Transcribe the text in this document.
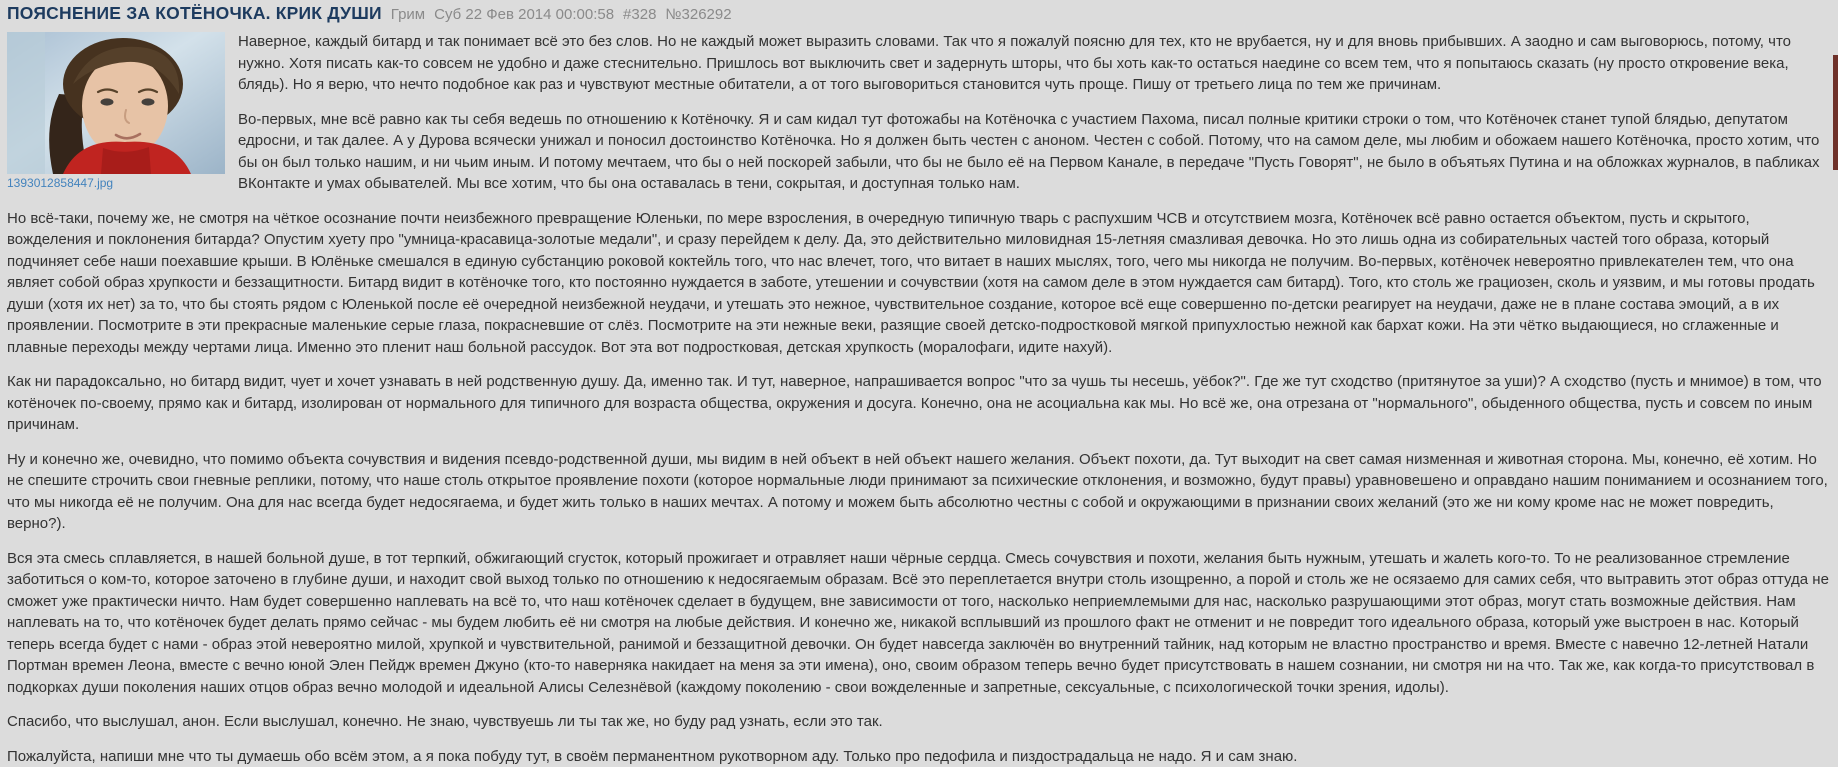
ПОЯСНЕНИЕ ЗА КОТЁНОЧКА. КРИК ДУШИ Грим Суб 22 Фев 2014 00:00:58 #328 №326292
1393012858447.jpg

Наверное, каждый битард и так понимает всё это без слов. Но не каждый может выразить словами. Так что я пожалуй поясню для тех, кто не врубается, ну и для вновь прибывших. А заодно и сам выговорюсь, потому, что нужно. Хотя писать как-то совсем не удобно и даже стеснительно. Пришлось вот выключить свет и задернуть шторы, что бы хоть как-то остаться наедине со всем тем, что я попытаюсь сказать (ну просто откровение века, блядь). Но я верю, что нечто подобное как раз и чувствуют местные обитатели, а от того выговориться становится чуть проще. Пишу от третьего лица по тем же причинам.

Во-первых, мне всё равно как ты себя ведешь по отношению к Котёночку. Я и сам кидал тут фотожабы на Котёночка с участием Пахома, писал полные критики строки о том, что Котёночек станет тупой блядью, депутатом едросни, и так далее. А у Дурова всячески унижал и поносил достоинство Котёночка. Но я должен быть честен с аноном. Честен с собой. Потому, что на самом деле, мы любим и обожаем нашего Котёночка, просто хотим, что бы он был только нашим, и ни чьим иным. И потому мечтаем, что бы о ней поскорей забыли, что бы не было её на Первом Канале, в передаче "Пусть Говорят", не было в объятьях Путина и на обложках журналов, в пабликах ВКонтакте и умах обывателей. Мы все хотим, что бы она оставалась в тени, сокрытая, и доступная только нам.

Но всё-таки, почему же, не смотря на чёткое осознание почти неизбежного превращение Юленьки, по мере взросления, в очередную типичную тварь с распухшим ЧСВ и отсутствием мозга, Котёночек всё равно остается объектом, пусть и скрытого, вожделения и поклонения битарда? Опустим хуету про "умница-красавица-золотые медали", и сразу перейдем к делу. Да, это действительно миловидная 15-летняя смазливая девочка. Но это лишь одна из собирательных частей того образа, который подчиняет себе наши поехавшие крыши. В Юлёньке смешался в единую субстанцию роковой коктейль того, что нас влечет, того, что витает в наших мыслях, того, чего мы никогда не получим. Во-первых, котёночек невероятно привлекателен тем, что она являет собой образ хрупкости и беззащитности. Битард видит в котёночке того, кто постоянно нуждается в заботе, утешении и сочувствии (хотя на самом деле в этом нуждается сам битард). Того, кто столь же грациозен, сколь и уязвим, и мы готовы продать души (хотя их нет) за то, что бы стоять рядом с Юленькой после её очередной неизбежной неудачи, и утешать это нежное, чувствительное создание, которое всё еще совершенно по-детски реагирует на неудачи, даже не в плане состава эмоций, а в их проявлении. Посмотрите в эти прекрасные маленькие серые глаза, покрасневшие от слёз. Посмотрите на эти нежные веки, разящие своей детско-подростковой мягкой припухлостью нежной как бархат кожи. На эти чётко выдающиеся, но сглаженные и плавные переходы между чертами лица. Именно это пленит наш больной рассудок. Вот эта вот подростковая, детская хрупкость (моралофаги, идите нахуй).

Как ни парадоксально, но битард видит, чует и хочет узнавать в ней родственную душу. Да, именно так. И тут, наверное, напрашивается вопрос "что за чушь ты несешь, уёбок?". Где же тут сходство (притянутое за уши)? А сходство (пусть и мнимое) в том, что котёночек по-своему, прямо как и битард, изолирован от нормального для типичного для возраста общества, окружения и досуга. Конечно, она не асоциальна как мы. Но всё же, она отрезана от "нормального", обыденного общества, пусть и совсем по иным причинам.

Ну и конечно же, очевидно, что помимо объекта сочувствия и видения псевдо-родственной души, мы видим в ней объект в ней объект нашего желания. Объект похоти, да. Тут выходит на свет самая низменная и животная сторона. Мы, конечно, её хотим. Но не спешите строчить свои гневные реплики, потому, что наше столь открытое проявление похоти (которое нормальные люди принимают за психические отклонения, и возможно, будут правы) уравновешено и оправдано нашим пониманием и осознанием того, что мы никогда её не получим. Она для нас всегда будет недосягаема, и будет жить только в наших мечтах. А потому и можем быть абсолютно честны с собой и окружающими в признании своих желаний (это же ни кому кроме нас не может повредить, верно?).

Вся эта смесь сплавляется, в нашей больной душе, в тот терпкий, обжигающий сгусток, который прожигает и отравляет наши чёрные сердца. Смесь сочувствия и похоти, желания быть нужным, утешать и жалеть кого-то. То не реализованное стремление заботиться о ком-то, которое заточено в глубине души, и находит свой выход только по отношению к недосягаемым образам. Всё это переплетается внутри столь изощренно, а порой и столь же не осязаемо для самих себя, что вытравить этот образ оттуда не сможет уже практически ничто. Нам будет совершенно наплевать на всё то, что наш котёночек сделает в будущем, вне зависимости от того, насколько неприемлемыми для нас, насколько разрушающими этот образ, могут стать возможные действия. Нам наплевать на то, что котёночек будет делать прямо сейчас - мы будем любить её ни смотря на любые действия. И конечно же, никакой всплывший из прошлого факт не отменит и не повредит того идеального образа, который уже выстроен в нас. Который теперь всегда будет с нами - образ этой невероятно милой, хрупкой и чувствительной, ранимой и беззащитной девочки. Он будет навсегда заключён во внутренний тайник, над которым не властно пространство и время. Вместе с навечно 12-летней Натали Портман времен Леона, вместе с вечно юной Элен Пейдж времен Джуно (кто-то наверняка накидает на меня за эти имена), оно, своим образом теперь вечно будет присутствовать в нашем сознании, ни смотря ни на что. Так же, как когда-то присутствовал в подкорках души поколения наших отцов образ вечно молодой и идеальной Алисы Селезнёвой (каждому поколению - свои вожделенные и запретные, сексуальные, с психологической точки зрения, идолы).

Спасибо, что выслушал, анон. Если выслушал, конечно. Не знаю, чувствуешь ли ты так же, но буду рад узнать, если это так.

Пожалуйста, напиши мне что ты думаешь обо всём этом, а я пока побуду тут, в своём перманентном рукотворном аду. Только про педофила и пиздострадальца не надо. Я и сам знаю.
